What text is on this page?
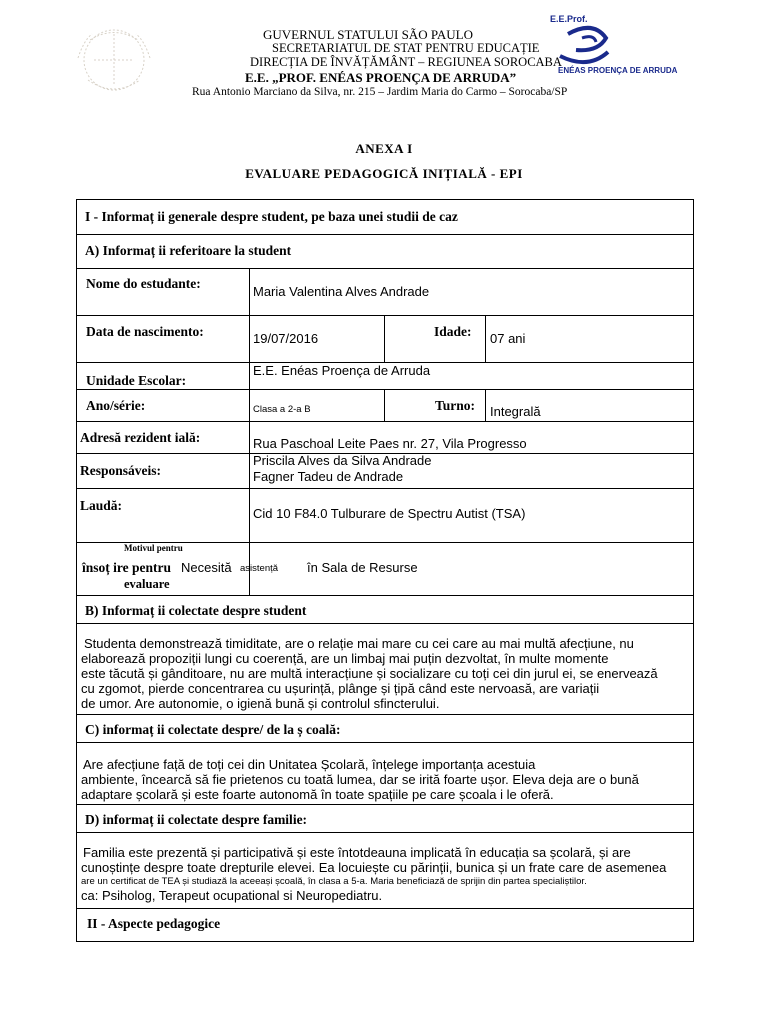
GUVERNUL STATULUI SÃO PAULO
SECRETARIATUL DE STAT PENTRU EDUCAȚIE
DIRECȚIA DE ÎNVĂȚĂMÂNT – REGIUNEA SOROCABA
E.E. „PROF. ENÉAS PROENÇA DE ARRUDA”
Rua Antonio Marciano da Silva, nr. 215 – Jardim Maria do Carmo – Sorocaba/SP
E.E.Prof.
ENÉAS PROENÇA DE ARRUDA
ANEXA I
EVALUARE PEDAGOGICĂ INIȚIALĂ - EPI
I - Informaț ii generale despre student, pe baza unei studii de caz
A) Informaț ii referitoare la student
Nome do estudante:
Maria Valentina Alves Andrade
Data de nascimento:	19/07/2016	Idade: 07 ani
Unidade Escolar:
E.E. Enéas Proença de Arruda
Ano/série:	Clasa a 2-a B	Turno: Integrală
Adresă rezident ială:	Rua Paschoal Leite Paes nr. 27, Vila Progresso
Responsáveis:
Priscila Alves da Silva Andrade
Fagner Tadeu de Andrade
Laudă:
Cid 10 F84.0 Tulburare de Spectru Autist (TSA)
Motivul pentru
însoț ire pentru
evaluare
Necesită asistență în Sala de Resurse
B) Informaț ii colectate despre student
Studenta demonstrează timiditate, are o relație mai mare cu cei care au mai multă afecțiune, nu
elaborează propoziții lungi cu coerență, are un limbaj mai puțin dezvoltat, în multe momente
este tăcută și gânditoare, nu are multă interacțiune și socializare cu toți cei din jurul ei, se enervează
cu zgomot, pierde concentrarea cu ușurință, plânge și țipă când este nervoasă, are variații
de umor. Are autonomie, o igienă bună și controlul sfincterului.
C) informaț ii colectate despre/ de la ș coală:
Are afecțiune față de toți cei din Unitatea Școlară, înțelege importanța acestuia
ambiente, încearcă să fie prietenos cu toată lumea, dar se irită foarte ușor. Eleva deja are o bună
adaptare școlară și este foarte autonomă în toate spațiile pe care școala i le oferă.
D) informaț ii colectate despre familie:
Familia este prezentă și participativă și este întotdeauna implicată în educația sa școlară, și are
cunoștințe despre toate drepturile elevei. Ea locuiește cu părinții, bunica și un frate care de asemenea
are un certificat de TEA și studiază la aceeași școală, în clasa a 5-a. Maria beneficiază de sprijin din partea specialiștilor.
ca: Psiholog, Terapeut ocupational si Neuropediatru.
II - Aspecte pedagogice
